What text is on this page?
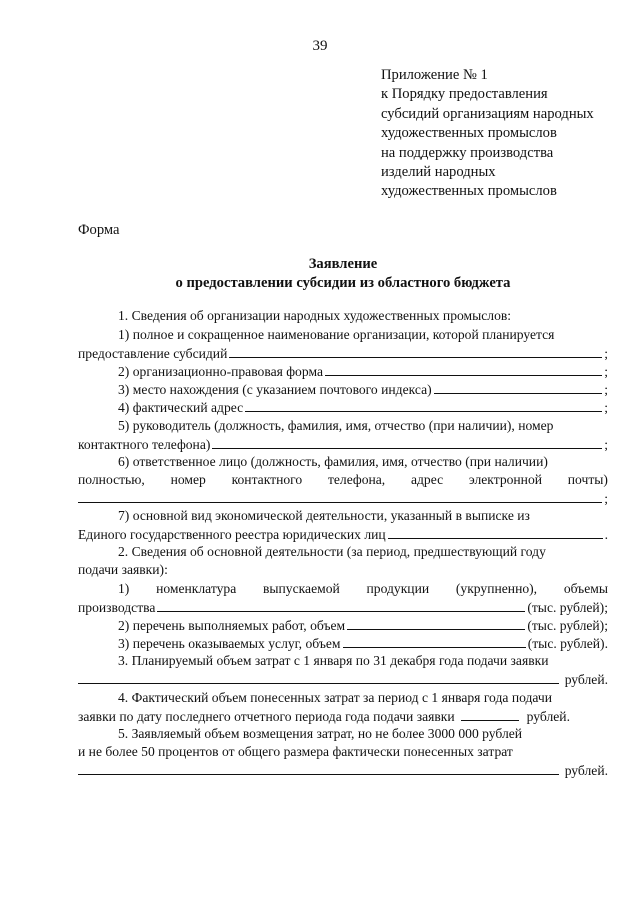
39
Приложение № 1
к Порядку предоставления
субсидий организациям народных
художественных промыслов
на поддержку производства
изделий народных
художественных промыслов
Форма
Заявление
о предоставлении субсидии из областного бюджета
1. Сведения об организации народных художественных промыслов:
1) полное и сокращенное наименование организации, которой планируется
предоставление субсидий	;
2) организационно-правовая форма	;
3) место нахождения (с указанием почтового индекса)	;
4) фактический адрес	;
5) руководитель (должность, фамилия, имя, отчество (при наличии), номер
контактного телефона)	;
6) ответственное лицо (должность, фамилия, имя, отчество (при наличии)
полностью, номер контактного телефона, адрес электронной почты)
;
7) основной вид экономической деятельности, указанный в выписке из
Единого государственного реестра юридических лиц	.
2. Сведения об основной деятельности (за период, предшествующий году
подачи заявки):
1) номенклатура выпускаемой продукции (укрупненно), объемы
производства	(тыс. рублей) ;
2) перечень выполняемых работ, объем	(тыс. рублей) ;
3) перечень оказываемых услуг, объем	(тыс. рублей) .
3. Планируемый объем затрат с 1 января по 31 декабря года подачи заявки
рублей.
4. Фактический объем понесенных затрат за период с 1 января года подачи
заявки по дату последнего отчетного периода года подачи заявки	рублей.
5. Заявляемый объем возмещения затрат, но не более 3000 000 рублей
и не более 50 процентов от общего размера фактически понесенных затрат
рублей.
